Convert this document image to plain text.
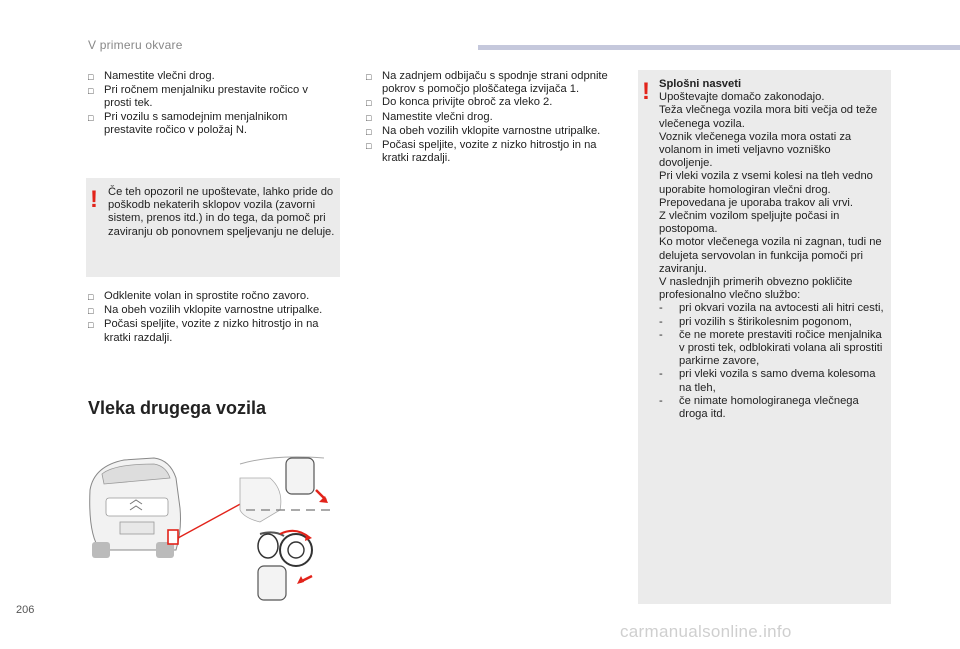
V primeru okvare
□ Namestite vlečni drog.
□ Pri ročnem menjalniku prestavite ročico v prosti tek.
□ Pri vozilu s samodejnim menjalnikom prestavite ročico v položaj N.
! Če teh opozoril ne upoštevate, lahko pride do poškodb nekaterih sklopov vozila (zavorni sistem, prenos itd.) in do tega, da pomoč pri zaviranju ob ponovnem speljevanju ne deluje.
□ Odklenite volan in sprostite ročno zavoro.
□ Na obeh vozilih vklopite varnostne utripalke.
□ Počasi speljite, vozite z nizko hitrostjo in na kratki razdalji.
Vleka drugega vozila
□ Na zadnjem odbijaču s spodnje strani odpnite pokrov s pomočjo ploščatega izvijača 1.
□ Do konca privijte obroč za vleko 2.
□ Namestite vlečni drog.
□ Na obeh vozilih vklopite varnostne utripalke.
□ Počasi speljite, vozite z nizko hitrostjo in na kratki razdalji.
! Splošni nasveti
Upoštevajte domačo zakonodajo.
Teža vlečnega vozila mora biti večja od teže vlečenega vozila.
Voznik vlečenega vozila mora ostati za volanom in imeti veljavno vozniško dovoljenje.
Pri vleki vozila z vsemi kolesi na tleh vedno uporabite homologiran vlečni drog. Prepovedana je uporaba trakov ali vrvi.
Z vlečnim vozilom speljujte počasi in postopoma.
Ko motor vlečenega vozila ni zagnan, tudi ne delujeta servovolan in funkcija pomoči pri zaviranju.
V naslednjih primerih obvezno pokličite profesionalno vlečno službo:
-	pri okvari vozila na avtocesti ali hitri cesti,
-	pri vozilih s štirikolesnim pogonom,
-	če ne morete prestaviti ročice menjalnika v prosti tek, odblokirati volana ali sprostiti parkirne zavore,
-	pri vleki vozila s samo dvema kolesoma na tleh,
-	če nimate homologiranega vlečnega droga itd.
206
carmanualsonline.info
